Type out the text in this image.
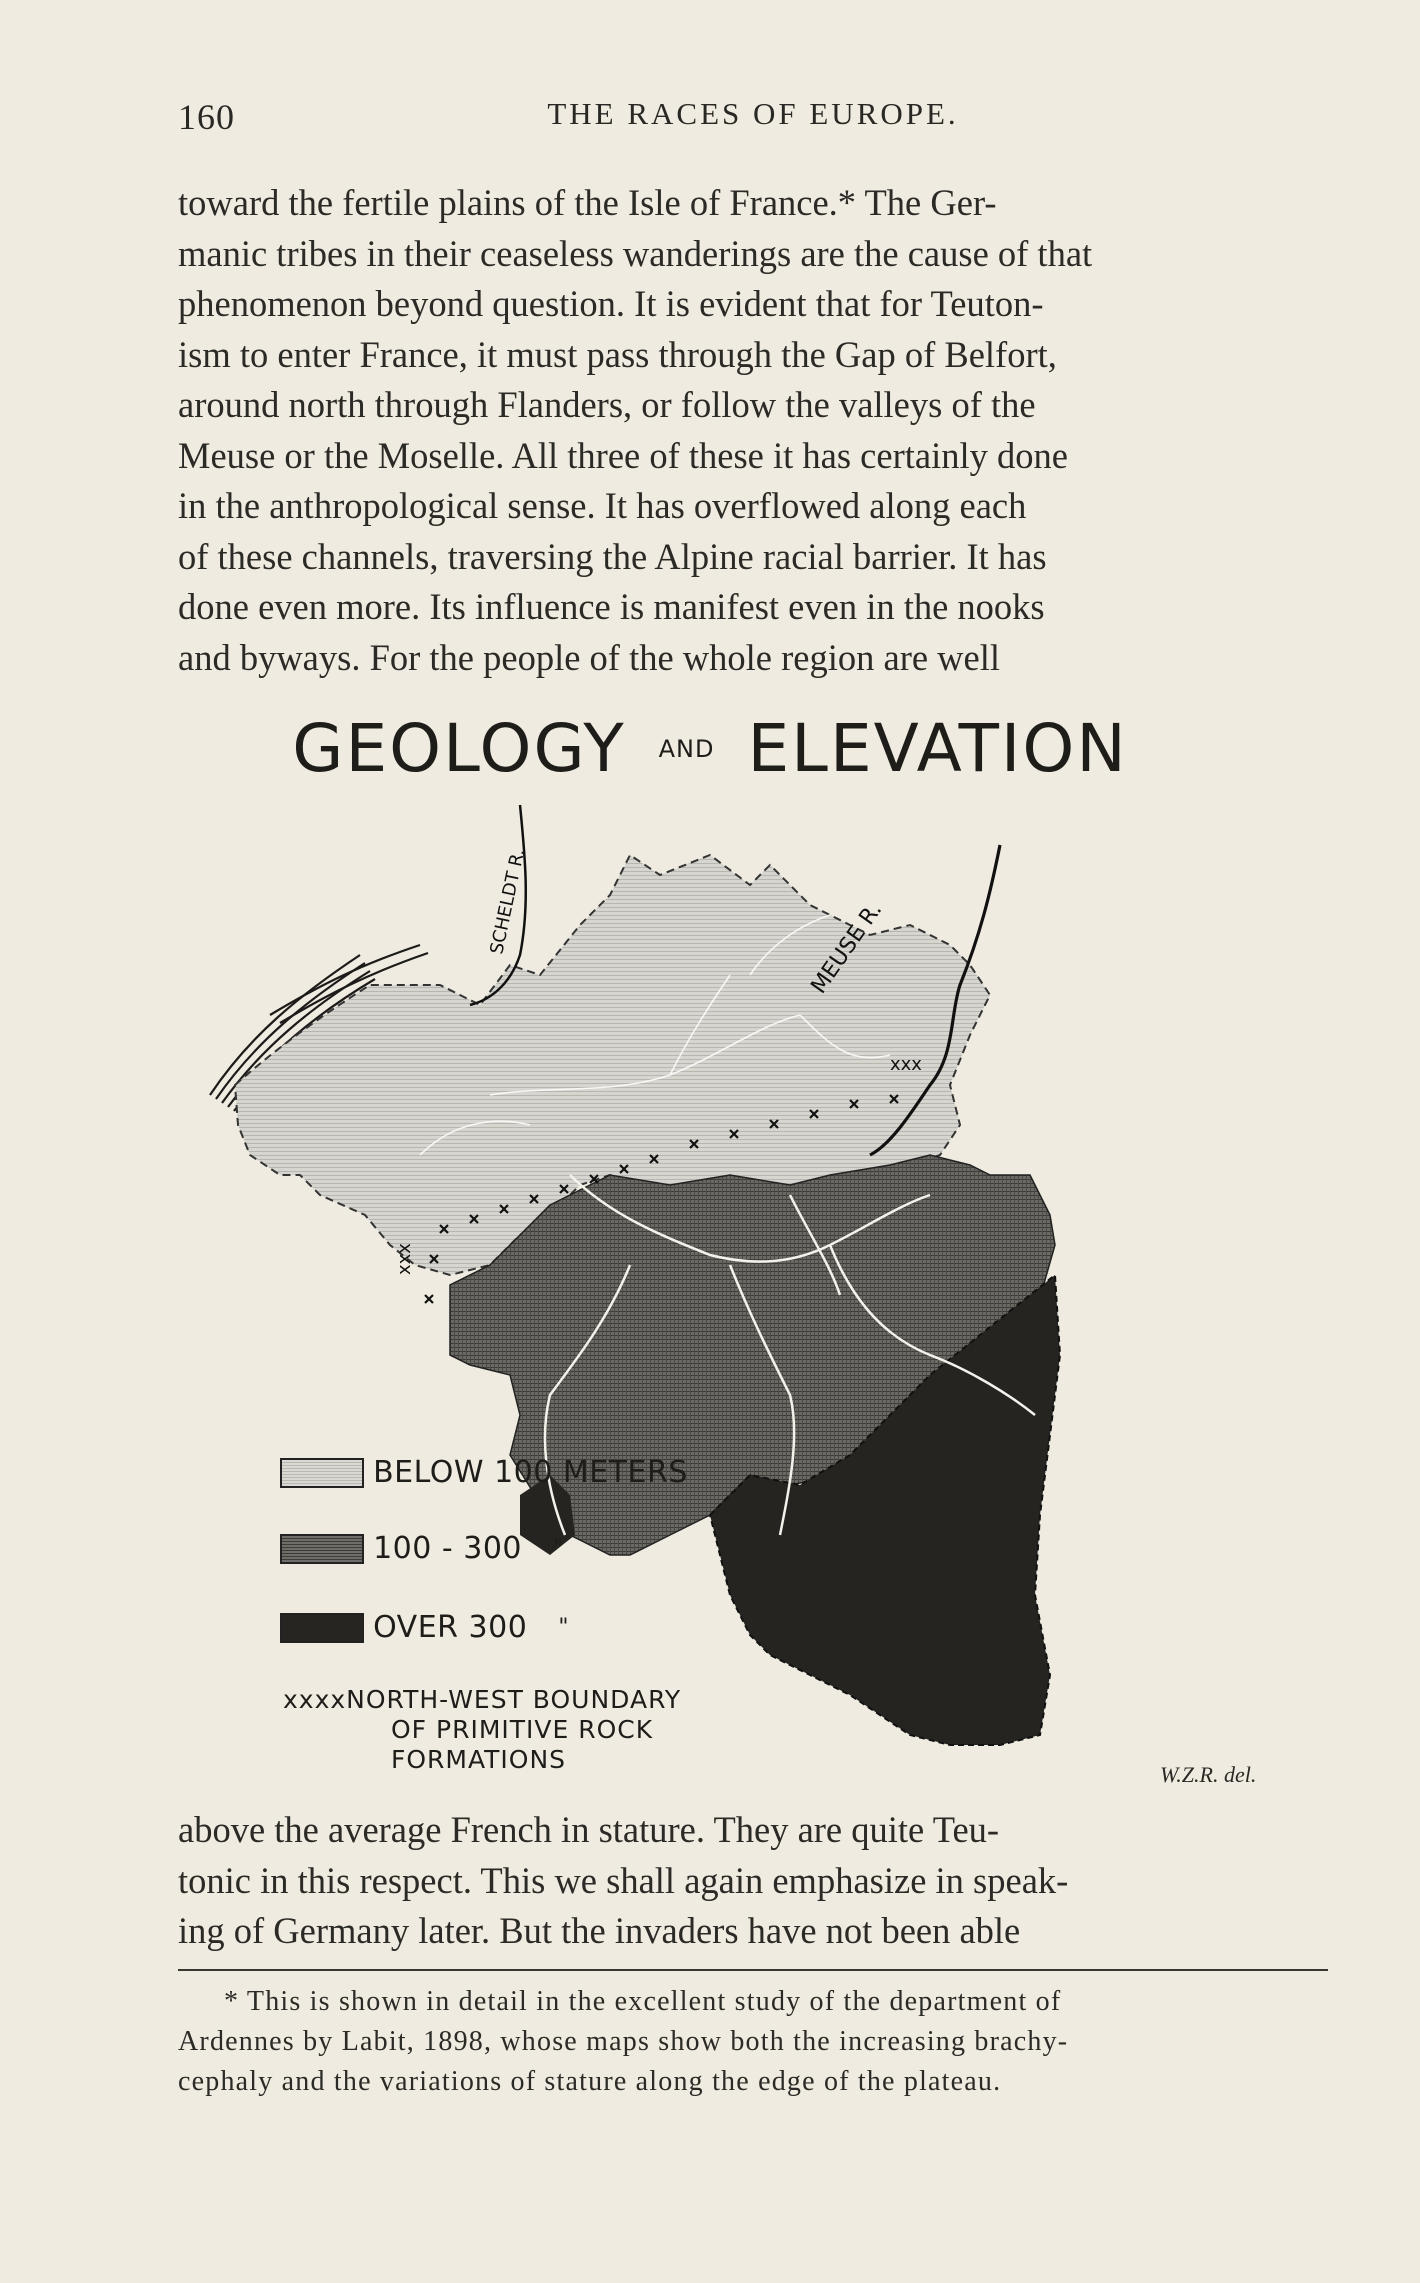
160	THE RACES OF EUROPE.
toward the fertile plains of the Isle of France.* The Ger-
manic tribes in their ceaseless wanderings are the cause of that
phenomenon beyond question. It is evident that for Teuton-
ism to enter France, it must pass through the Gap of Belfort,
around north through Flanders, or follow the valleys of the
Meuse or the Moselle. All three of these it has certainly done
in the anthropological sense. It has overflowed along each
of these channels, traversing the Alpine racial barrier. It has
done even more. Its influence is manifest even in the nooks
and byways. For the people of the whole region are well
GEOLOGY $^{AND}$ ELEVATION
SCHELDT R.	MEUSE R.
xxx
xxx
BELOW 100 METERS
100 - 300 "
OVER 300 "
xxxxNORTH-WEST BOUNDARY
OF PRIMITIVE ROCK
FORMATIONS
W.Z.R. del.
above the average French in stature. They are quite Teu-
tonic in this respect. This we shall again emphasize in speak-
ing of Germany later. But the invaders have not been able
* This is shown in detail in the excellent study of the department of
Ardennes by Labit, 1898, whose maps show both the increasing brachy-
cephaly and the variations of stature along the edge of the plateau.
